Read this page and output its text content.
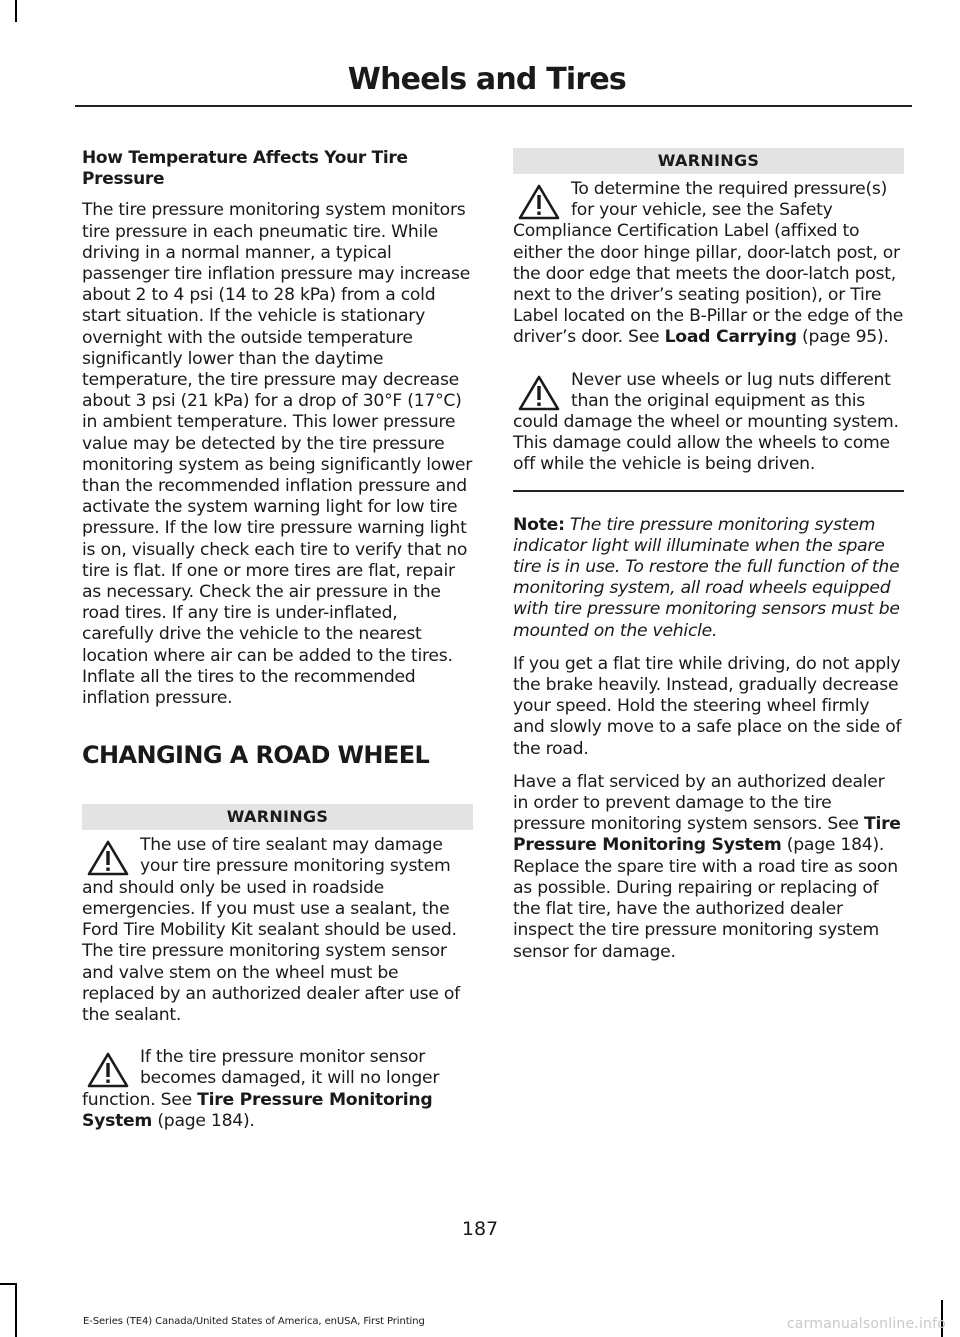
Wheels and Tires
How Temperature Affects Your Tire Pressure

The tire pressure monitoring system monitors tire pressure in each pneumatic tire. While driving in a normal manner, a typical passenger tire inflation pressure may increase about 2 to 4 psi (14 to 28 kPa) from a cold start situation. If the vehicle is stationary overnight with the outside temperature significantly lower than the daytime temperature, the tire pressure may decrease about 3 psi (21 kPa) for a drop of 30°F (17°C) in ambient temperature. This lower pressure value may be detected by the tire pressure monitoring system as being significantly lower than the recommended inflation pressure and activate the system warning light for low tire pressure. If the low tire pressure warning light is on, visually check each tire to verify that no tire is flat. If one or more tires are flat, repair as necessary. Check the air pressure in the road tires. If any tire is under-inflated, carefully drive the vehicle to the nearest location where air can be added to the tires. Inflate all the tires to the recommended inflation pressure.

CHANGING A ROAD WHEEL
WARNINGS

The use of tire sealant may damage your tire pressure monitoring system and should only be used in roadside emergencies. If you must use a sealant, the Ford Tire Mobility Kit sealant should be used. The tire pressure monitoring system sensor and valve stem on the wheel must be replaced by an authorized dealer after use of the sealant.

If the tire pressure monitor sensor becomes damaged, it will no longer function. See Tire Pressure Monitoring System (page 184).

WARNINGS

To determine the required pressure(s) for your vehicle, see the Safety Compliance Certification Label (affixed to either the door hinge pillar, door-latch post, or the door edge that meets the door-latch post, next to the driver’s seating position), or Tire Label located on the B-Pillar or the edge of the driver’s door. See Load Carrying (page 95).

Never use wheels or lug nuts different than the original equipment as this could damage the wheel or mounting system. This damage could allow the wheels to come off while the vehicle is being driven.

Note: The tire pressure monitoring system indicator light will illuminate when the spare tire is in use. To restore the full function of the monitoring system, all road wheels equipped with tire pressure monitoring sensors must be mounted on the vehicle.

If you get a flat tire while driving, do not apply the brake heavily. Instead, gradually decrease your speed. Hold the steering wheel firmly and slowly move to a safe place on the side of the road.

Have a flat serviced by an authorized dealer in order to prevent damage to the tire pressure monitoring system sensors. See Tire Pressure Monitoring System (page 184). Replace the spare tire with a road tire as soon as possible. During repairing or replacing of the flat tire, have the authorized dealer inspect the tire pressure monitoring system sensor for damage.

187

E-Series (TE4) Canada/United States of America, enUSA, First Printing	carmanualsonline.info
